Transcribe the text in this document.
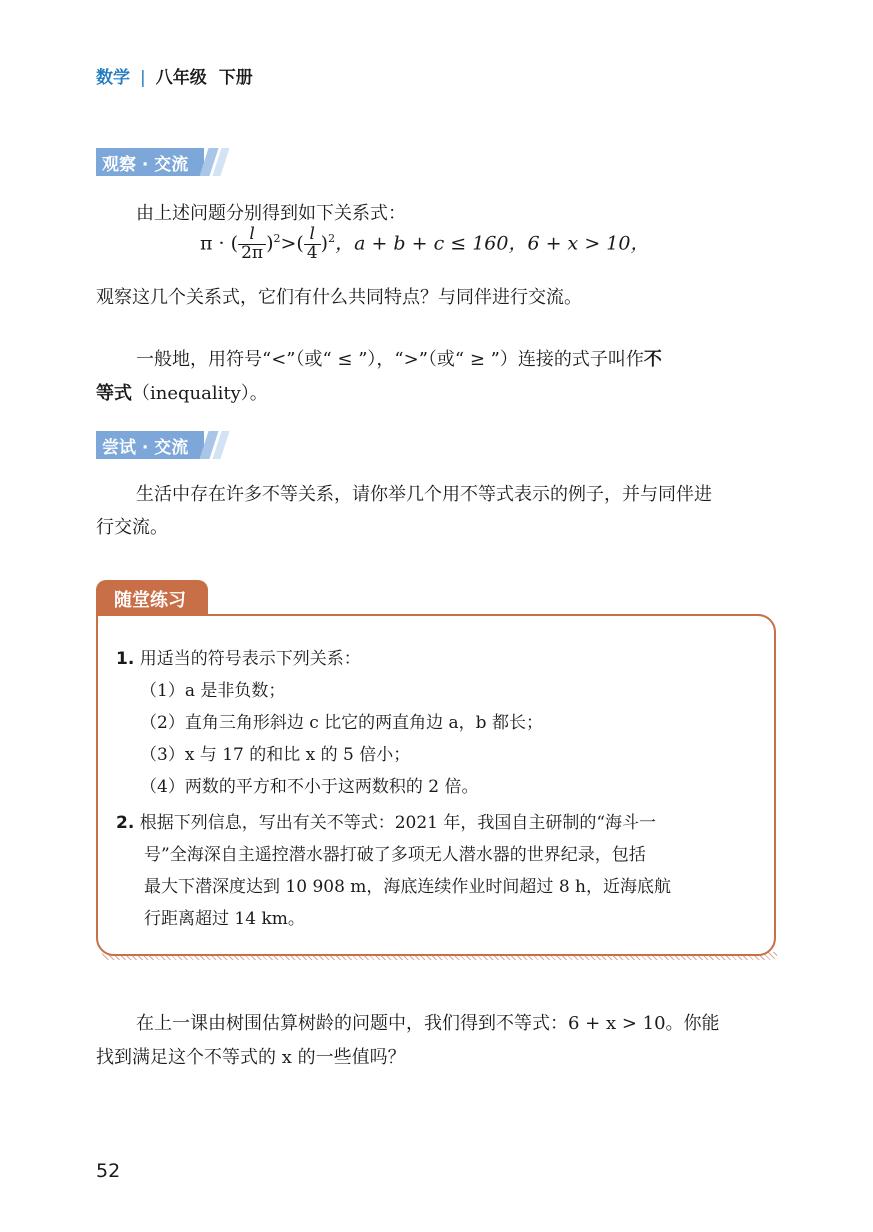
数学 | 八年级 下册
观察 · 交流
由上述问题分别得到如下关系式：
π · ( $\frac{l}{2\pi} )^2>( \frac{l}{4} )^2$，a + b + c ≤ 160，6 + x > 10，
观察这几个关系式，它们有什么共同特点？与同伴进行交流。
一般地，用符号“<”（或“ ≤ ”），“>”（或“ ≥ ”）连接的式子叫作不
等式（inequality）。
尝试 · 交流
生活中存在许多不等关系，请你举几个用不等式表示的例子，并与同伴进
行交流。
随堂练习
1. 用适当的符号表示下列关系：
（1）a 是非负数；
（2）直角三角形斜边 c 比它的两直角边 a，b 都长；
（3）x 与 17 的和比 x 的 5 倍小；
（4）两数的平方和不小于这两数积的 2 倍。
2. 根据下列信息，写出有关不等式：2021 年，我国自主研制的“海斗一
号”全海深自主遥控潜水器打破了多项无人潜水器的世界纪录，包括
最大下潜深度达到 10 908 m，海底连续作业时间超过 8 h，近海底航
行距离超过 14 km。
在上一课由树围估算树龄的问题中，我们得到不等式：6 + x > 10。你能
找到满足这个不等式的 x 的一些值吗？
52
